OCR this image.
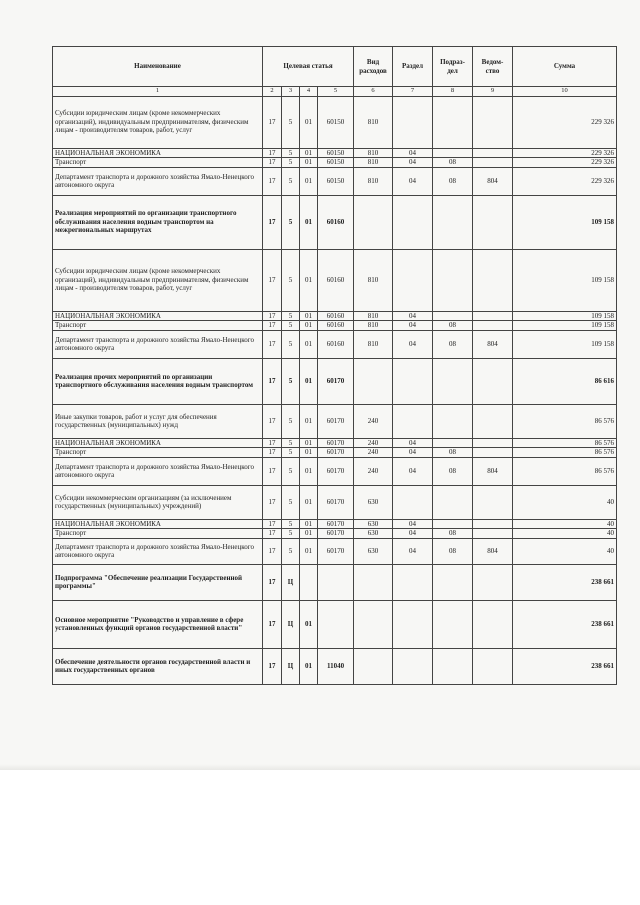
Наименование	Целевая статья				Вид расходов	Раздел	Подраз-дел	Ведом-ство	Сумма
1	2	3	4	5	6	7	8	9	10
Субсидии юридическим лицам (кроме некоммерческих организаций), индивидуальным предпринимателям, физическим лицам - производителям товаров, работ, услуг	17	5	01	60150	810				229 326
НАЦИОНАЛЬНАЯ ЭКОНОМИКА	17	5	01	60150	810	04			229 326
Транспорт	17	5	01	60150	810	04	08		229 326
Департамент транспорта и дорожного хозяйства Ямало-Ненецкого автономного округа	17	5	01	60150	810	04	08	804	229 326
Реализация мероприятий по организации транспортного обслуживания населения водным транспортом на межрегиональных маршрутах	17	5	01	60160					109 158
Субсидии юридическим лицам (кроме некоммерческих организаций), индивидуальным предпринимателям, физическим лицам - производителям товаров, работ, услуг	17	5	01	60160	810				109 158
НАЦИОНАЛЬНАЯ ЭКОНОМИКА	17	5	01	60160	810	04			109 158
Транспорт	17	5	01	60160	810	04	08		109 158
Департамент транспорта и дорожного хозяйства Ямало-Ненецкого автономного округа	17	5	01	60160	810	04	08	804	109 158
Реализация прочих мероприятий по организации транспортного обслуживания населения водным транспортом	17	5	01	60170					86 616
Иные закупки товаров, работ и услуг для обеспечения государственных (муниципальных) нужд	17	5	01	60170	240				86 576
НАЦИОНАЛЬНАЯ ЭКОНОМИКА	17	5	01	60170	240	04			86 576
Транспорт	17	5	01	60170	240	04	08		86 576
Департамент транспорта и дорожного хозяйства Ямало-Ненецкого автономного округа	17	5	01	60170	240	04	08	804	86 576
Субсидии некоммерческим организациям (за исключением государственных (муниципальных) учреждений)	17	5	01	60170	630				40
НАЦИОНАЛЬНАЯ ЭКОНОМИКА	17	5	01	60170	630	04			40
Транспорт	17	5	01	60170	630	04	08		40
Департамент транспорта и дорожного хозяйства Ямало-Ненецкого автономного округа	17	5	01	60170	630	04	08	804	40
Подпрограмма "Обеспечение реализации Государственной программы"	17	Ц							238 661
Основное мероприятие "Руководство и управление в сфере установленных функций органов государственной власти"	17	Ц	01						238 661
Обеспечение деятельности органов государственной власти и иных государственных органов	17	Ц	01	11040					238 661
